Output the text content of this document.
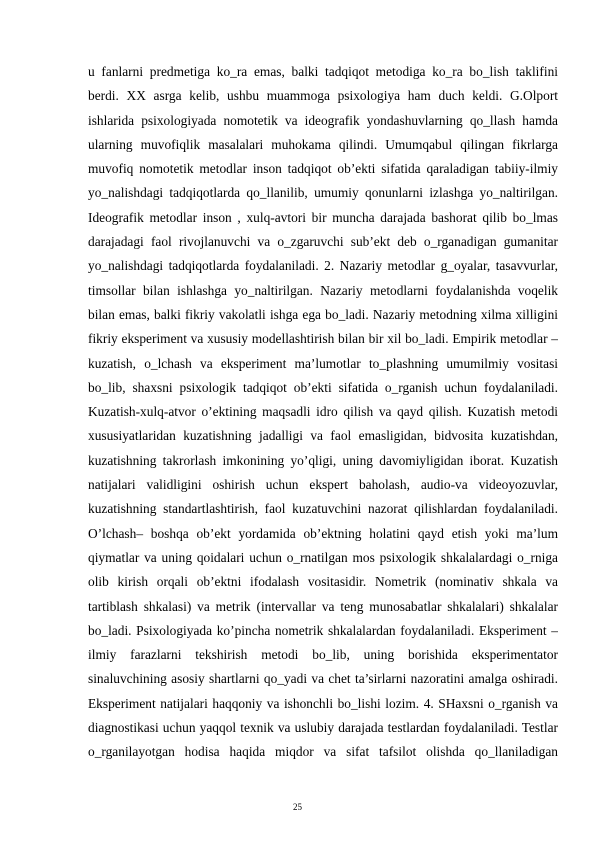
u fanlarni predmetiga ko_ra emas, balki tadqiqot metodiga ko_ra bo_lish taklifini
berdi. XX asrga kelib, ushbu muammoga psixologiya ham duch keldi. G.Olport
ishlarida psixologiyada nomotetik va ideografik yondashuvlarning qo_llash hamda
ularning muvofiqlik masalalari muhokama qilindi. Umumqabul qilingan fikrlarga
muvofiq nomotetik metodlar inson tadqiqot ob’ekti sifatida qaraladigan tabiiy-ilmiy
yo_nalishdagi tadqiqotlarda qo_llanilib, umumiy qonunlarni izlashga yo_naltirilgan.
Ideografik metodlar inson , xulq-avtori bir muncha darajada bashorat qilib bo_lmas
darajadagi faol rivojlanuvchi va o_zgaruvchi sub’ekt deb o_rganadigan gumanitar
yo_nalishdagi tadqiqotlarda foydalaniladi. 2. Nazariy metodlar g_oyalar, tasavvurlar,
timsollar bilan ishlashga yo_naltirilgan. Nazariy metodlarni foydalanishda voqelik
bilan emas, balki fikriy vakolatli ishga ega bo_ladi. Nazariy metodning xilma xilligini
fikriy eksperiment va xususiy modellashtirish bilan bir xil bo_ladi. Empirik metodlar –
kuzatish, o_lchash va eksperiment ma’lumotlar to_plashning umumilmiy vositasi
bo_lib, shaxsni psixologik tadqiqot ob’ekti sifatida o_rganish uchun foydalaniladi.
Kuzatish-xulq-atvor o’ektining maqsadli idro qilish va qayd qilish. Kuzatish metodi
xususiyatlaridan kuzatishning jadalligi va faol emasligidan, bidvosita kuzatishdan,
kuzatishning takrorlash imkonining yo’qligi, uning davomiyligidan iborat. Kuzatish
natijalari validligini oshirish uchun ekspert baholash, audio-va videoyozuvlar,
kuzatishning standartlashtirish, faol kuzatuvchini nazorat qilishlardan foydalaniladi.
O’lchash– boshqa ob’ekt yordamida ob’ektning holatini qayd etish yoki ma’lum
qiymatlar va uning qoidalari uchun o_rnatilgan mos psixologik shkalalardagi o_rniga
olib kirish orqali ob’ektni ifodalash vositasidir. Nometrik (nominativ shkala va
tartiblash shkalasi) va metrik (intervallar va teng munosabatlar shkalalari) shkalalar
bo_ladi. Psixologiyada ko’pincha nometrik shkalalardan foydalaniladi. Eksperiment –
ilmiy farazlarni tekshirish metodi bo_lib, uning borishida eksperimentator
sinaluvchining asosiy shartlarni qo_yadi va chet ta’sirlarni nazoratini amalga oshiradi.
Eksperiment natijalari haqqoniy va ishonchli bo_lishi lozim. 4. SHaxsni o_rganish va
diagnostikasi uchun yaqqol texnik va uslubiy darajada testlardan foydalaniladi. Testlar
o_rganilayotgan hodisa haqida miqdor va sifat tafsilot olishda qo_llaniladigan
25
